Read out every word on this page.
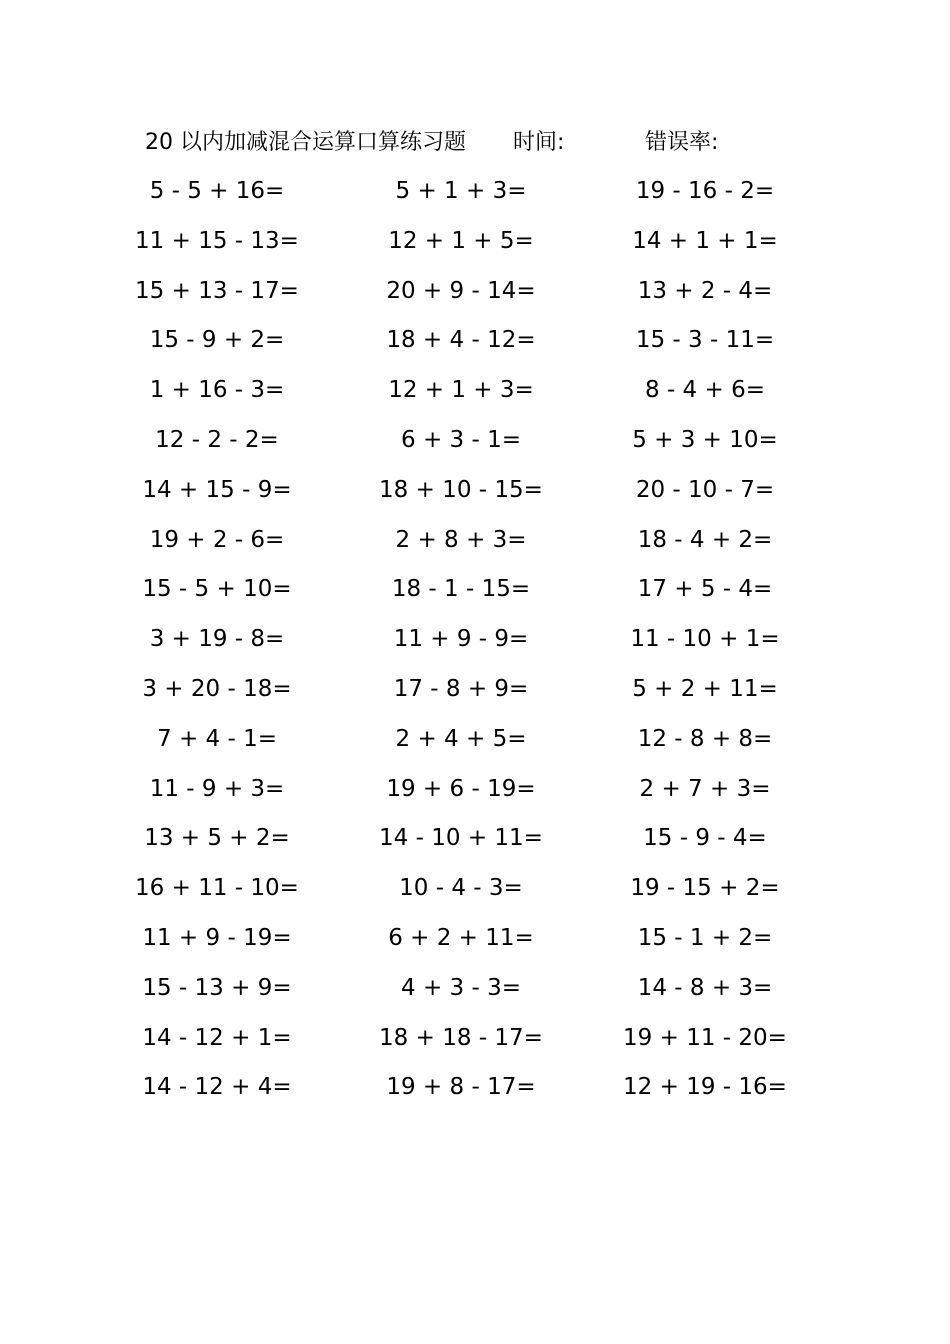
20 以内加减混合运算口算练习题 时间:	错误率:
5 - 5 + 16=	5 + 1 + 3=	19 - 16 - 2=
11 + 15 - 13=	12 + 1 + 5=	14 + 1 + 1=
15 + 13 - 17=	20 + 9 - 14=	13 + 2 - 4=
15 - 9 + 2=	18 + 4 - 12=	15 - 3 - 11=
1 + 16 - 3=	12 + 1 + 3=	8 - 4 + 6=
12 - 2 - 2=	6 + 3 - 1=	5 + 3 + 10=
14 + 15 - 9=	18 + 10 - 15=	20 - 10 - 7=
19 + 2 - 6=	2 + 8 + 3=	18 - 4 + 2=
15 - 5 + 10=	18 - 1 - 15=	17 + 5 - 4=
3 + 19 - 8=	11 + 9 - 9=	11 - 10 + 1=
3 + 20 - 18=	17 - 8 + 9=	5 + 2 + 11=
7 + 4 - 1=	2 + 4 + 5=	12 - 8 + 8=
11 - 9 + 3=	19 + 6 - 19=	2 + 7 + 3=
13 + 5 + 2=	14 - 10 + 11=	15 - 9 - 4=
16 + 11 - 10=	10 - 4 - 3=	19 - 15 + 2=
11 + 9 - 19=	6 + 2 + 11=	15 - 1 + 2=
15 - 13 + 9=	4 + 3 - 3=	14 - 8 + 3=
14 - 12 + 1=	18 + 18 - 17=	19 + 11 - 20=
14 - 12 + 4=	19 + 8 - 17=	12 + 19 - 16=
